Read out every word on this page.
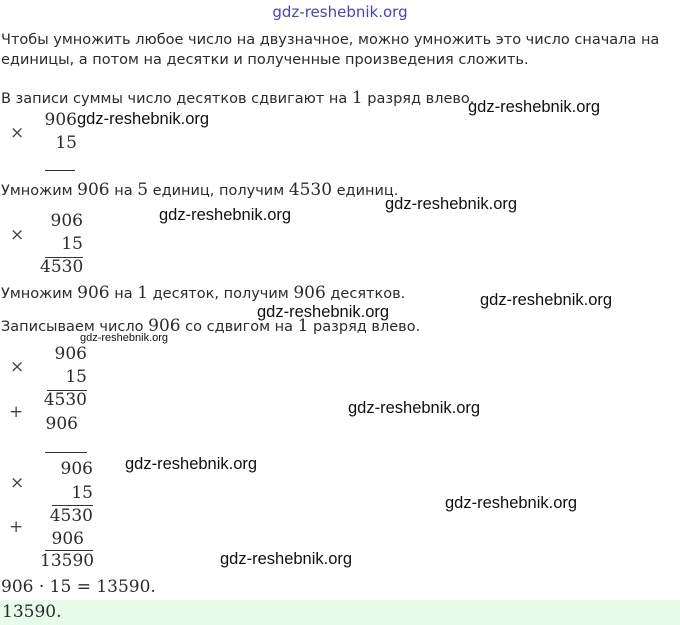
gdz-reshebnik.org
Чтобы умножить любое число на двузначное, можно умножить это число сначала на единицы, а потом на десятки и полученные произведения сложить.
В записи суммы число десятков сдвигают на 1 разряд влево.
×
906
15
Умножим 906 на 5 единиц, получим 4530 единиц.
×
906
15
4530
Умножим 906 на 1 десяток, получим 906 десятков.
Записываем число 906 со сдвигом на 1 разряд влево.
×
+
906
15
4530
906
×
+
906
15
4530
906
13590
906 · 15 = 13590.
13590.
gdz-reshebnik.org
gdz-reshebnik.org
gdz-reshebnik.org
gdz-reshebnik.org
gdz-reshebnik.org
gdz-reshebnik.org
gdz-reshebnik.org
gdz-reshebnik.org
gdz-reshebnik.org
gdz-reshebnik.org
gdz-reshebnik.org
